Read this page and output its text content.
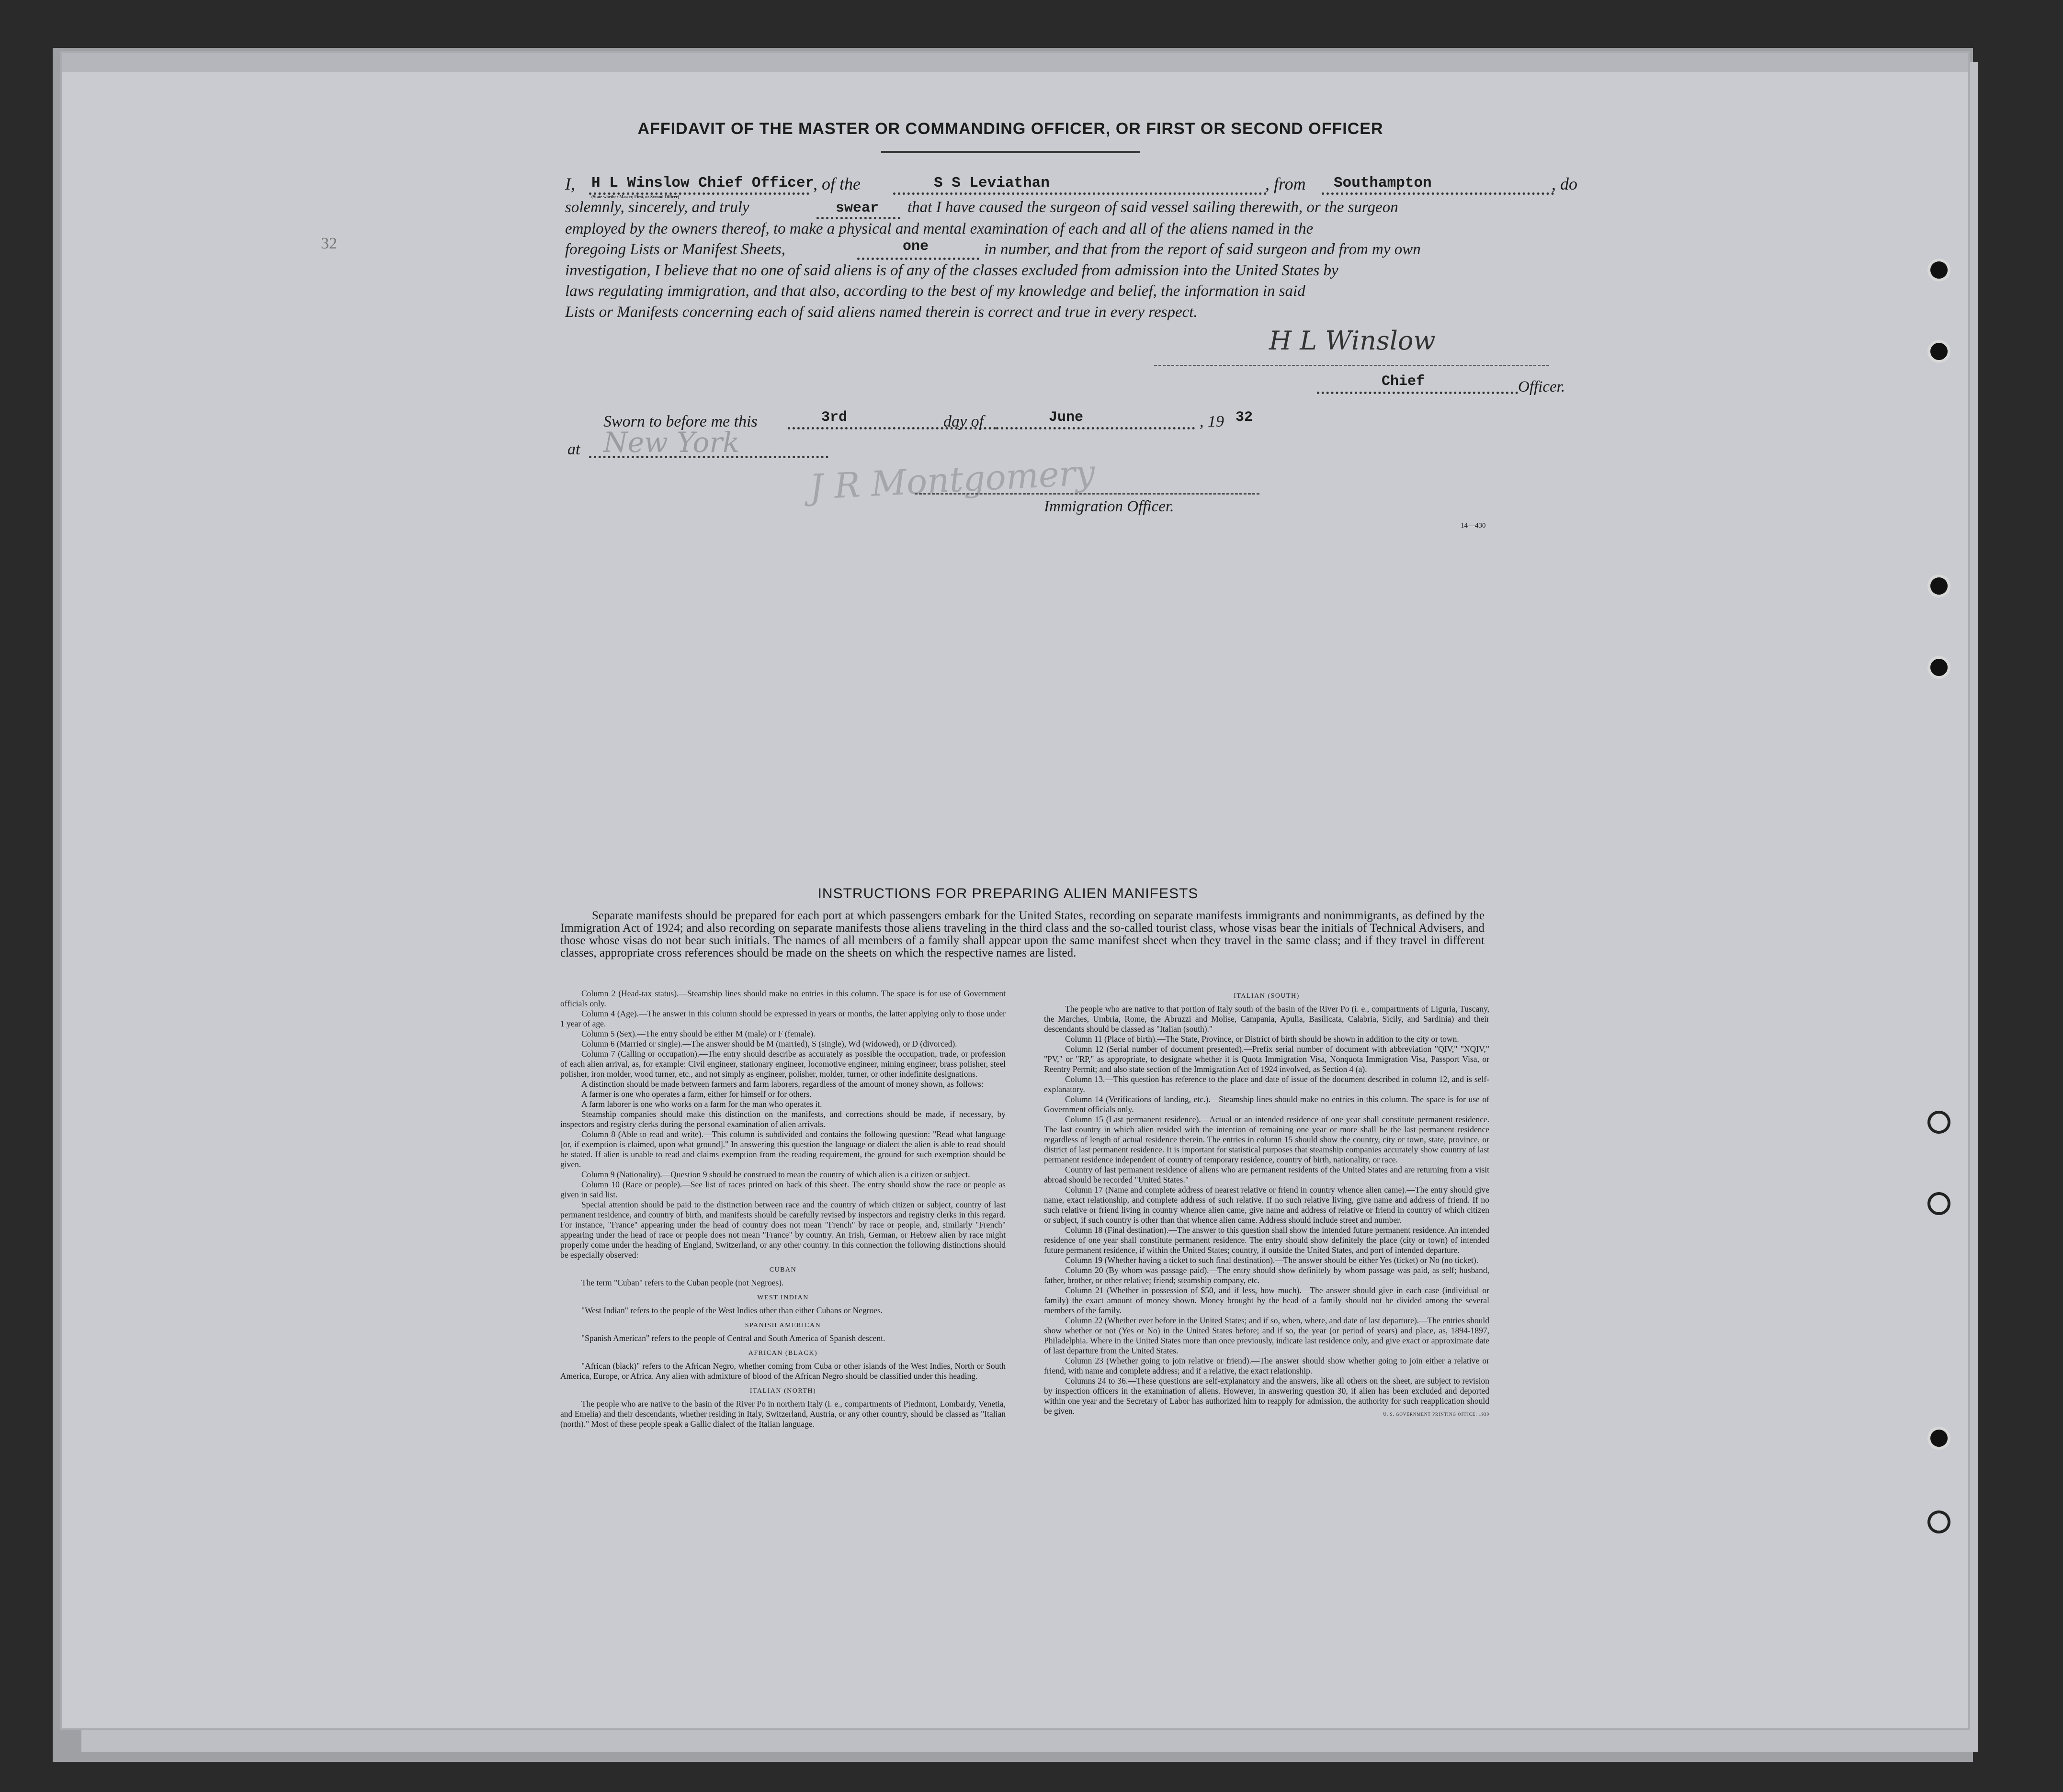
32
AFFIDAVIT OF THE MASTER OR COMMANDING OFFICER, OR FIRST OR SECOND OFFICER
I, H L Winslow Chief Officer
(State whether Master, First, or Second Officer)
, of the	S S Leviathan	, from Southampton	, do
solemnly, sincerely, and truly	swear that I have caused the surgeon of said vessel sailing therewith, or the surgeon
employed by the owners thereof, to make a physical and mental examination of each and all of the aliens named in the
foregoing Lists or Manifest Sheets,	one	in number, and that from the report of said surgeon and from my own
investigation, I believe that no one of said aliens is of any of the classes excluded from admission into the United States by
laws regulating immigration, and that also, according to the best of my knowledge and belief, the information in said
Lists or Manifests concerning each of said aliens named therein is correct and true in every respect.
H L Winslow
Chief	Officer.
Sworn to before me this	3rd	day of	June	, 19 32
at New York
J R Montgomery
Immigration Officer.
14—430
INSTRUCTIONS FOR PREPARING ALIEN MANIFESTS
Separate manifests should be prepared for each port at which passengers embark for the United States, recording on separate manifests immigrants and nonimmigrants, as defined by the Immigration Act of 1924; and also recording on separate manifests those aliens traveling in the third class and the so-called tourist class, whose visas bear the initials of Technical Advisers, and those whose visas do not bear such initials. The names of all members of a family shall appear upon the same manifest sheet when they travel in the same class; and if they travel in different classes, appropriate cross references should be made on the sheets on which the respective names are listed.

Column 2 (Head-tax status).—Steamship lines should make no entries in this column. The space is for use of Government officials only.

Column 4 (Age).—The answer in this column should be expressed in years or months, the latter applying only to those under 1 year of age.

Column 5 (Sex).—The entry should be either M (male) or F (female).

Column 6 (Married or single).—The answer should be M (married), S (single), Wd (widowed), or D (divorced).

Column 7 (Calling or occupation).—The entry should describe as accurately as possible the occupation, trade, or profession of each alien arrival, as, for example: Civil engineer, stationary engineer, locomotive engineer, mining engineer, brass polisher, steel polisher, iron molder, wood turner, etc., and not simply as engineer, polisher, molder, turner, or other indefinite designations.

A distinction should be made between farmers and farm laborers, regardless of the amount of money shown, as follows:

A farmer is one who operates a farm, either for himself or for others.

A farm laborer is one who works on a farm for the man who operates it.

Steamship companies should make this distinction on the manifests, and corrections should be made, if necessary, by inspectors and registry clerks during the personal examination of alien arrivals.

Column 8 (Able to read and write).—This column is subdivided and contains the following question: "Read what language [or, if exemption is claimed, upon what ground]." In answering this question the language or dialect the alien is able to read should be stated. If alien is unable to read and claims exemption from the reading requirement, the ground for such exemption should be given.

Column 9 (Nationality).—Question 9 should be construed to mean the country of which alien is a citizen or subject.

Column 10 (Race or people).—See list of races printed on back of this sheet. The entry should show the race or people as given in said list.

Special attention should be paid to the distinction between race and the country of which citizen or subject, country of last permanent residence, and country of birth, and manifests should be carefully revised by inspectors and registry clerks in this regard. For instance, "France" appearing under the head of country does not mean "French" by race or people, and, similarly "French" appearing under the head of race or people does not mean "France" by country. An Irish, German, or Hebrew alien by race might properly come under the heading of England, Switzerland, or any other country. In this connection the following distinctions should be especially observed:

CUBAN

The term "Cuban" refers to the Cuban people (not Negroes).

WEST INDIAN

"West Indian" refers to the people of the West Indies other than either Cubans or Negroes.

SPANISH AMERICAN

"Spanish American" refers to the people of Central and South America of Spanish descent.

AFRICAN (BLACK)

"African (black)" refers to the African Negro, whether coming from Cuba or other islands of the West Indies, North or South America, Europe, or Africa. Any alien with admixture of blood of the African Negro should be classified under this heading.

ITALIAN (NORTH)

The people who are native to the basin of the River Po in northern Italy (i. e., compartments of Piedmont, Lombardy, Venetia, and Emelia) and their descendants, whether residing in Italy, Switzerland, Austria, or any other country, should be classed as "Italian (north)." Most of these people speak a Gallic dialect of the Italian language.

ITALIAN (SOUTH)

The people who are native to that portion of Italy south of the basin of the River Po (i. e., compartments of Liguria, Tuscany, the Marches, Umbria, Rome, the Abruzzi and Molise, Campania, Apulia, Basilicata, Calabria, Sicily, and Sardinia) and their descendants should be classed as "Italian (south)."

Column 11 (Place of birth).—The State, Province, or District of birth should be shown in addition to the city or town.

Column 12 (Serial number of document presented).—Prefix serial number of document with abbreviation "QIV," "NQIV," "PV," or "RP," as appropriate, to designate whether it is Quota Immigration Visa, Nonquota Immigration Visa, Passport Visa, or Reentry Permit; and also state section of the Immigration Act of 1924 involved, as Section 4 (a).

Column 13.—This question has reference to the place and date of issue of the document described in column 12, and is self-explanatory.

Column 14 (Verifications of landing, etc.).—Steamship lines should make no entries in this column. The space is for use of Government officials only.

Column 15 (Last permanent residence).—Actual or an intended residence of one year shall constitute permanent residence. The last country in which alien resided with the intention of remaining one year or more shall be the last permanent residence regardless of length of actual residence therein. The entries in column 15 should show the country, city or town, state, province, or district of last permanent residence. It is important for statistical purposes that steamship companies accurately show country of last permanent residence independent of country of temporary residence, country of birth, nationality, or race.

Country of last permanent residence of aliens who are permanent residents of the United States and are returning from a visit abroad should be recorded "United States."

Column 17 (Name and complete address of nearest relative or friend in country whence alien came).—The entry should give name, exact relationship, and complete address of such relative. If no such relative living, give name and address of friend. If no such relative or friend living in country whence alien came, give name and address of relative or friend in country of which citizen or subject, if such country is other than that whence alien came. Address should include street and number.

Column 18 (Final destination).—The answer to this question shall show the intended future permanent residence. An intended residence of one year shall constitute permanent residence. The entry should show definitely the place (city or town) of intended future permanent residence, if within the United States; country, if outside the United States, and port of intended departure.

Column 19 (Whether having a ticket to such final destination).—The answer should be either Yes (ticket) or No (no ticket).

Column 20 (By whom was passage paid).—The entry should show definitely by whom passage was paid, as self; husband, father, brother, or other relative; friend; steamship company, etc.

Column 21 (Whether in possession of $50, and if less, how much).—The answer should give in each case (individual or family) the exact amount of money shown. Money brought by the head of a family should not be divided among the several members of the family.

Column 22 (Whether ever before in the United States; and if so, when, where, and date of last departure).—The entries should show whether or not (Yes or No) in the United States before; and if so, the year (or period of years) and place, as, 1894-1897, Philadelphia. Where in the United States more than once previously, indicate last residence only, and give exact or approximate date of last departure from the United States.

Column 23 (Whether going to join relative or friend).—The answer should show whether going to join either a relative or friend, with name and complete address; and if a relative, the exact relationship.

Columns 24 to 36.—These questions are self-explanatory and the answers, like all others on the sheet, are subject to revision by inspection officers in the examination of aliens. However, in answering question 30, if alien has been excluded and deported within one year and the Secretary of Labor has authorized him to reapply for admission, the authority for such reapplication should be given.	U. S. GOVERNMENT PRINTING OFFICE: 1930
